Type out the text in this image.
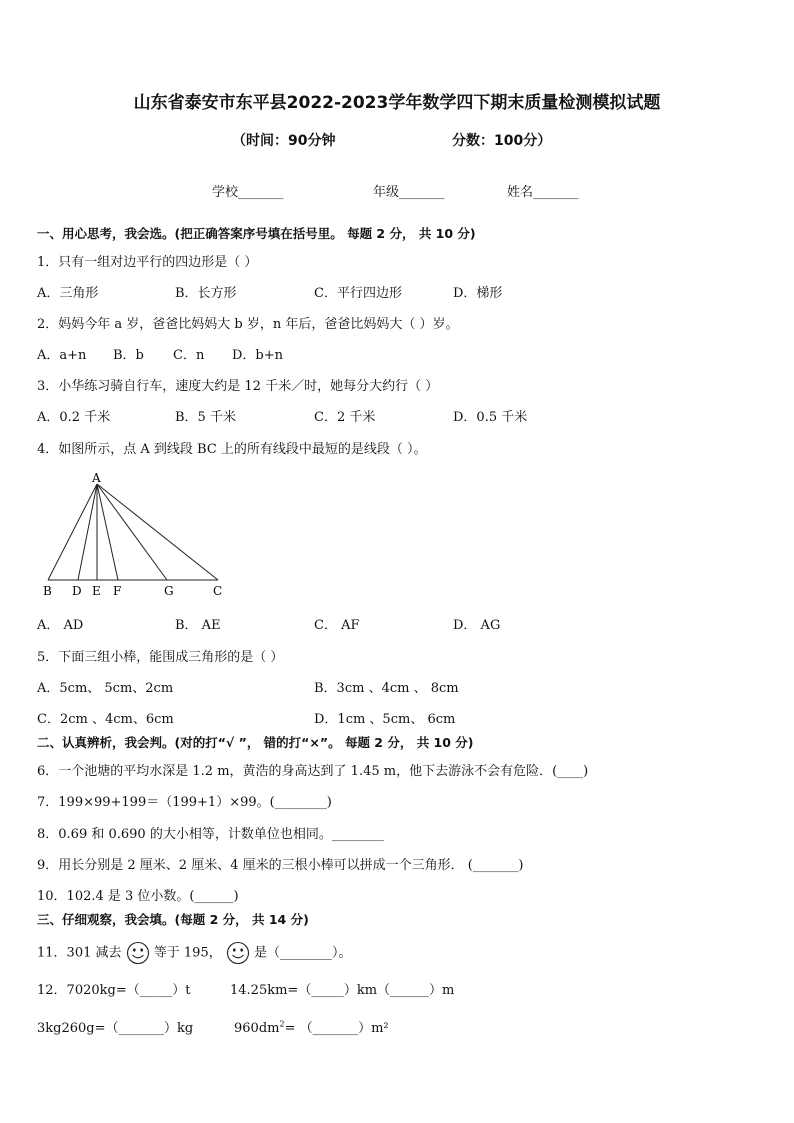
山东省泰安市东平县2022-2023学年数学四下期末质量检测模拟试题
（时间：90分钟	分数：100分）
学校_______	年级_______	姓名_______
一、用心思考，我会选。(把正确答案序号填在括号里。 每题 2 分， 共 10 分)
1．只有一组对边平行的四边形是（ ）
A．三角形	B．长方形	C．平行四边形	D．梯形
2．妈妈今年 a 岁，爸爸比妈妈大 b 岁，n 年后，爸爸比妈妈大（ ）岁。
A．a+n B．b C．n D．b+n
3．小华练习骑自行车，速度大约是 12 千米／时，她每分大约行（ ）
A．0.2 千米	B．5 千米	C．2 千米	D．0.5 千米
4．如图所示，点 A 到线段 BC 上的所有线段中最短的是线段（ ）。
A
B D E F	G	C
A． AD	B． AE	C． AF	D． AG
5．下面三组小棒，能围成三角形的是（ ）
A．5cm、 5cm、2cm	B．3cm 、4cm 、 8cm
C．2cm 、4cm、6cm	D．1cm 、5cm、 6cm
二、认真辨析，我会判。(对的打“√ ”， 错的打“×”。 每题 2 分， 共 10 分)
6．一个池塘的平均水深是 1.2 m，黄浩的身高达到了 1.45 m，他下去游泳不会有危险．(____)
7．199×99+199＝（199+1）×99。(________)
8．0.69 和 0.690 的大小相等，计数单位也相同。________
9．用长分别是 2 厘米、2 厘米、4 厘米的三根小棒可以拼成一个三角形． (_______)
10．102.4 是 3 位小数。(______)
三、仔细观察，我会填。(每题 2 分， 共 14 分)
11．301 减去 等于 195， 是（________）。
12．7020kg=（_____）t	14.25km=（_____）km（______）m
3kg260g=（_______）kg	$960dm^2=$ （_______）m²
